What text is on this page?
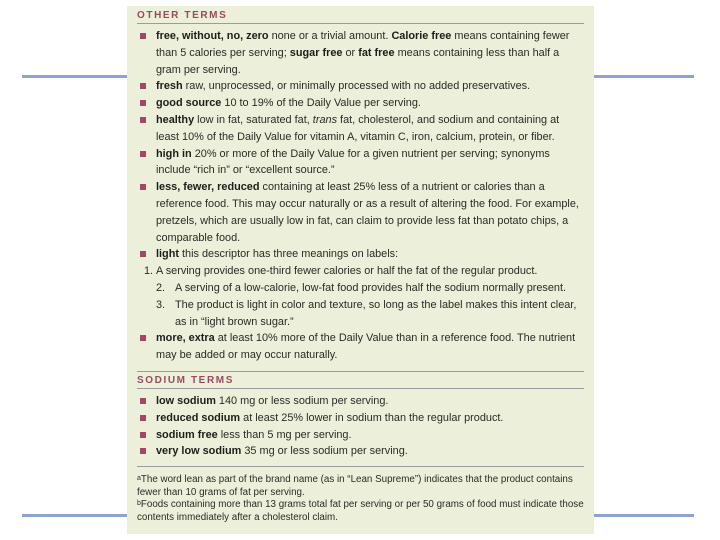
OTHER TERMS
free, without, no, zero none or a trivial amount. Calorie free means containing fewer than 5 calories per serving; sugar free or fat free means containing less than half a gram per serving.
fresh raw, unprocessed, or minimally processed with no added preservatives.
good source 10 to 19% of the Daily Value per serving.
healthy low in fat, saturated fat, trans fat, cholesterol, and sodium and containing at least 10% of the Daily Value for vitamin A, vitamin C, iron, calcium, protein, or fiber.
high in 20% or more of the Daily Value for a given nutrient per serving; synonyms include “rich in” or “excellent source.”
less, fewer, reduced containing at least 25% less of a nutrient or calories than a reference food. This may occur naturally or as a result of altering the food. For example, pretzels, which are usually low in fat, can claim to provide less fat than potato chips, a comparable food.
light this descriptor has three meanings on labels:
1. A serving provides one-third fewer calories or half the fat of the regular product.
2. A serving of a low-calorie, low-fat food provides half the sodium normally present.
3. The product is light in color and texture, so long as the label makes this intent clear, as in “light brown sugar.”
more, extra at least 10% more of the Daily Value than in a reference food. The nutrient may be added or may occur naturally.
SODIUM TERMS
low sodium 140 mg or less sodium per serving.
reduced sodium at least 25% lower in sodium than the regular product.
sodium free less than 5 mg per serving.
very low sodium 35 mg or less sodium per serving.
$^a$The word lean as part of the brand name (as in “Lean Supreme”) indicates that the product contains fewer than 10 grams of fat per serving.
$^b$Foods containing more than 13 grams total fat per serving or per 50 grams of food must indicate those contents immediately after a cholesterol claim.
